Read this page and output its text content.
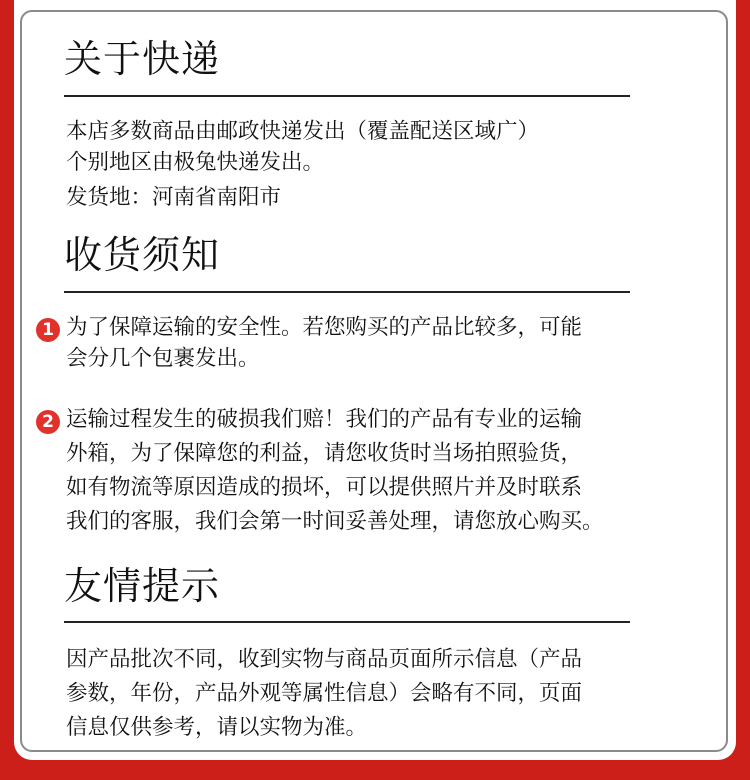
关于快递

本店多数商品由邮政快递发出（覆盖配送区域广）

个别地区由极兔快递发出。

发货地：河南省南阳市

收货须知
1 为了保障运输的安全性。若您购买的产品比较多，可能

会分几个包裹发出。

2 运输过程发生的破损我们赔！我们的产品有专业的运输

外箱，为了保障您的利益，请您收货时当场拍照验货，

如有物流等原因造成的损坏，可以提供照片并及时联系

我们的客服，我们会第一时间妥善处理，请您放心购买。

友情提示

因产品批次不同，收到实物与商品页面所示信息（产品

参数，年份，产品外观等属性信息）会略有不同，页面

信息仅供参考，请以实物为准。
